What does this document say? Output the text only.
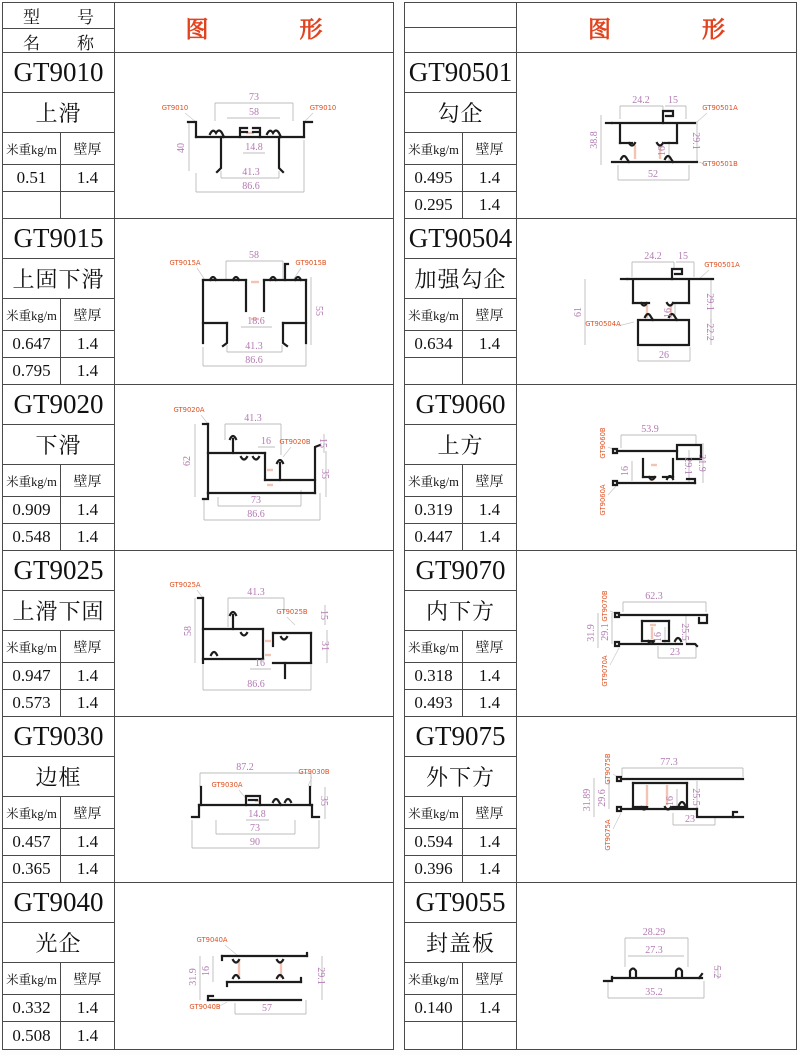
型　号
名　称
图　形
GT9010
上滑
米重kg/m	壁厚
0.51	1.4
73
58
40	14.8
41.3
86.6
GT9010	GT9010
GT9015
上固下滑
米重kg/m	壁厚
0.647	1.4
0.795	1.4
58
55
18.6
41.3
86.6
GT9015A	GT9015B
GT9020
下滑
米重kg/m	壁厚
0.909	1.4
0.548	1.4
41.3
16
62
15
35
73
86.6
GT9020A
GT9020B
GT9025
上滑下固
米重kg/m	壁厚
0.947	1.4
0.573	1.4
41.3
58
15
31
16
86.6
GT9025A
GT9025B
GT9030
边框
米重kg/m	壁厚
0.457	1.4
0.365	1.4
87.2
35
14.8
73
90
GT9030B
GT9030A
GT9040
光企
米重kg/m	壁厚
0.332	1.4
0.508	1.4
31.9 16	29.1
57
GT9040A
GT9040B
图　形
GT90501
勾企
米重kg/m	壁厚
0.495	1.4
0.295	1.4
24.2 15
38.8
16
29.1
52
GT90501A
GT90501B
GT90504
加强勾企
米重kg/m	壁厚
0.634	1.4
24.2 15
61	16
29.1
22.2
26
GT90501A
GT90504A
GT9060
上方
米重kg/m	壁厚
0.319	1.4
0.447	1.4
53.9
16	29.1 31.9
GT9060B
GT9060A
GT9070
内下方
米重kg/m	壁厚
0.318	1.4
0.493	1.4
62.3
31.9 29.1	16 25.5
23
GT9070B
GT9070A
GT9075
外下方
米重kg/m	壁厚
0.594	1.4
0.396	1.4
77.3
31.89 29.6	16 25.5
23
GT9075B
GT9075A
GT9055
封盖板
米重kg/m	壁厚
0.140	1.4
28.29
27.3
5.2
35.2
